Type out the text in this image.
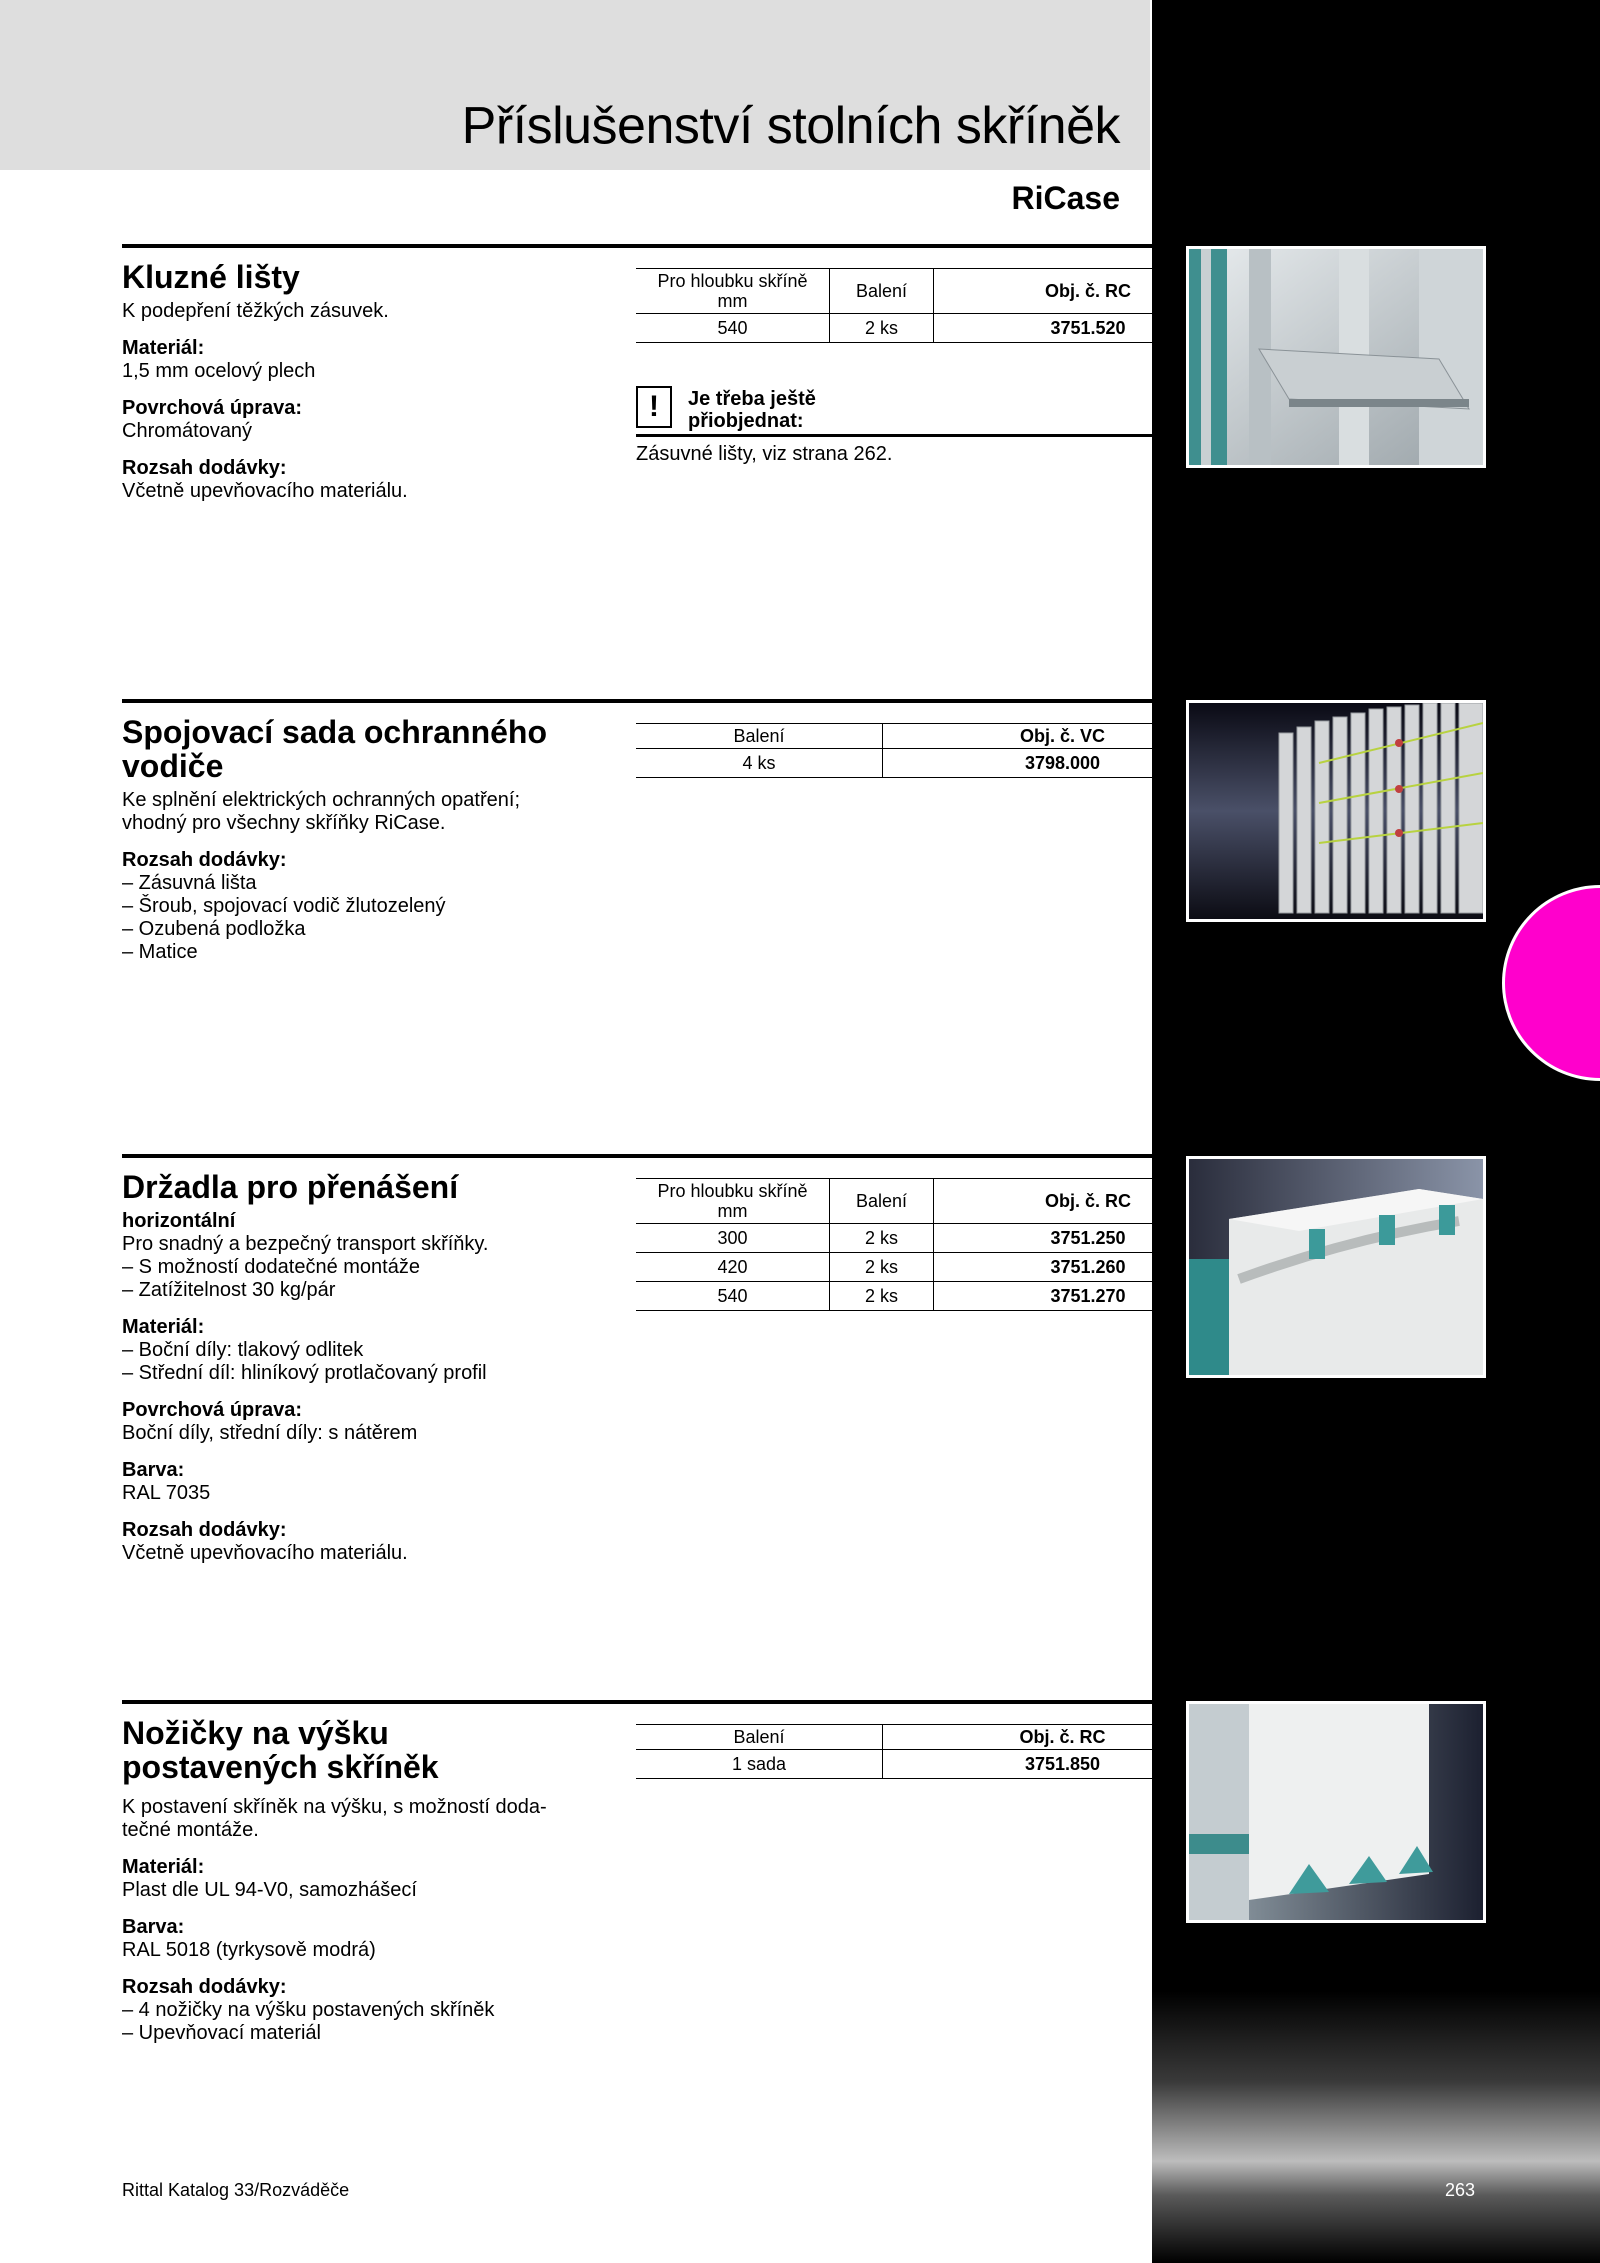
Příslušenství stolních skříněk
RiCase
Kluzné lišty

K podepření těžkých zásuvek.

Materiál:

1,5 mm ocelový plech

Povrchová úprava:

Chromátovaný

Rozsah dodávky:

Včetně upevňovacího materiálu.

Pro hloubku skříně mm	Balení	Obj. č. RC
540	2 ks	3751.520
!	Je třeba ještě přiobjednat:
Zásuvné lišty, viz strana 262.
Spojovací sada ochranného vodiče

Ke splnění elektrických ochranných opatření;

vhodný pro všechny skříňky RiCase.

Rozsah dodávky:

– Zásuvná lišta

– Šroub, spojovací vodič žlutozelený

– Ozubená podložka

– Matice

Balení	Obj. č. VC
4 ks	3798.000
Držadla pro přenášení

horizontální

Pro snadný a bezpečný transport skříňky.

– S možností dodatečné montáže

– Zatížitelnost 30 kg/pár

Materiál:

– Boční díly: tlakový odlitek

– Střední díl: hliníkový protlačovaný profil

Povrchová úprava:

Boční díly, střední díly: s nátěrem

Barva:

RAL 7035

Rozsah dodávky:

Včetně upevňovacího materiálu.

Pro hloubku skříně mm	Balení	Obj. č. RC
300	2 ks	3751.250
420	2 ks	3751.260
540	2 ks	3751.270
Nožičky na výšku postavených skříněk

K postavení skříněk na výšku, s možností doda-

tečné montáže.

Materiál:

Plast dle UL 94-V0, samozhášecí

Barva:

RAL 5018 (tyrkysově modrá)

Rozsah dodávky:

– 4 nožičky na výšku postavených skříněk

– Upevňovací materiál

Balení	Obj. č. RC
1 sada	3751.850
Rittal Katalog 33/Rozváděče	263
